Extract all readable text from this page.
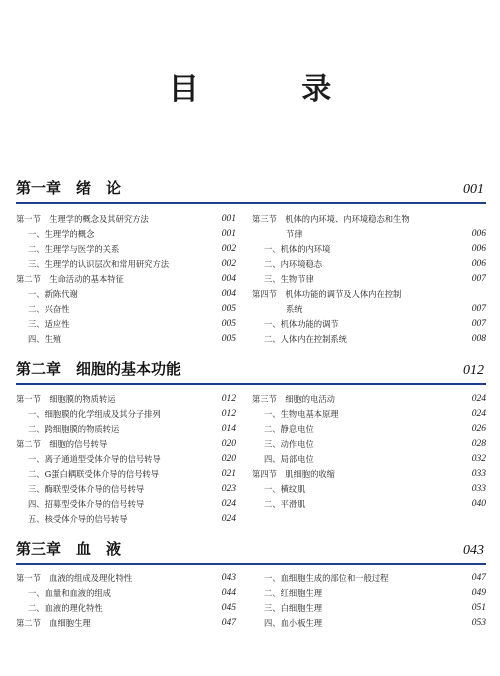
目 录
第一章　绪　论	001
第一节　生理学的概念及其研究方法	001
一、生理学的概念	001
二、生理学与医学的关系	002
三、生理学的认识层次和常用研究方法	002
第二节　生命活动的基本特征	004
一、新陈代谢	004
二、兴奋性	005
三、适应性	005
四、生殖	005
第三节　机体的内环境、内环境稳态和生物
节律	006
一、机体的内环境	006
二、内环境稳态	006
三、生物节律	007
第四节　机体功能的调节及人体内在控制
系统	007
一、机体功能的调节	007
二、人体内在控制系统	008
第二章　细胞的基本功能	012
第一节　细胞膜的物质转运	012
一、细胞膜的化学组成及其分子排列	012
二、跨细胞膜的物质转运	014
第二节　细胞的信号转导	020
一、离子通道型受体介导的信号转导	020
二、G蛋白耦联受体介导的信号转导	021
三、酶联型受体介导的信号转导	023
四、招募型受体介导的信号转导	024
五、核受体介导的信号转导	024
第三节　细胞的电活动	024
一、生物电基本原理	024
二、静息电位	026
三、动作电位	028
四、局部电位	032
第四节　肌细胞的收缩	033
一、横纹肌	033
二、平滑肌	040
第三章　血　液	043
第一节　血液的组成及理化特性	043
一、血量和血液的组成	044
二、血液的理化特性	045
第二节　血细胞生理	047
一、血细胞生成的部位和一般过程	047
二、红细胞生理	049
三、白细胞生理	051
四、血小板生理	053
